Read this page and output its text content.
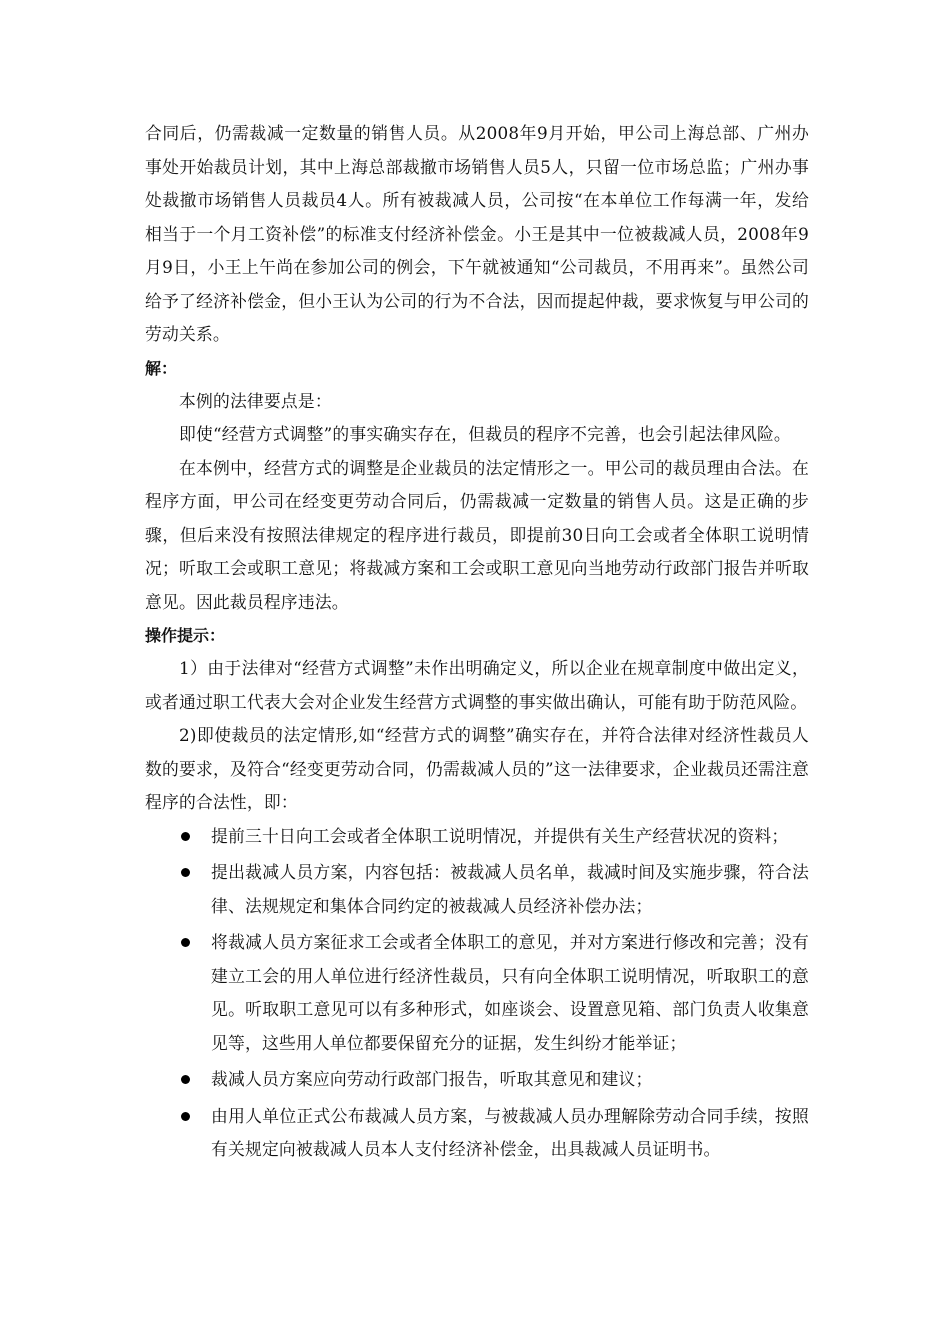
合同后，仍需裁减一定数量的销售人员。从2008年9月开始，甲公司上海总部、广州办事处开始裁员计划，其中上海总部裁撤市场销售人员5人，只留一位市场总监；广州办事处裁撤市场销售人员裁员4人。所有被裁减人员，公司按“在本单位工作每满一年，发给相当于一个月工资补偿”的标准支付经济补偿金。小王是其中一位被裁减人员，2008年9月9日，小王上午尚在参加公司的例会，下午就被通知“公司裁员，不用再来”。虽然公司给予了经济补偿金，但小王认为公司的行为不合法，因而提起仲裁，要求恢复与甲公司的劳动关系。

解：

本例的法律要点是：

即使“经营方式调整”的事实确实存在，但裁员的程序不完善，也会引起法律风险。

在本例中，经营方式的调整是企业裁员的法定情形之一。甲公司的裁员理由合法。在程序方面，甲公司在经变更劳动合同后，仍需裁减一定数量的销售人员。这是正确的步骤，但后来没有按照法律规定的程序进行裁员，即提前30日向工会或者全体职工说明情况；听取工会或职工意见；将裁减方案和工会或职工意见向当地劳动行政部门报告并听取意见。因此裁员程序违法。

操作提示：

1）由于法律对“经营方式调整”未作出明确定义，所以企业在规章制度中做出定义，或者通过职工代表大会对企业发生经营方式调整的事实做出确认，可能有助于防范风险。

2)即使裁员的法定情形,如“经营方式的调整”确实存在，并符合法律对经济性裁员人数的要求，及符合“经变更劳动合同，仍需裁减人员的”这一法律要求，企业裁员还需注意程序的合法性，即：

提前三十日向工会或者全体职工说明情况，并提供有关生产经营状况的资料；
提出裁减人员方案，内容包括：被裁减人员名单，裁减时间及实施步骤，符合法律、法规规定和集体合同约定的被裁减人员经济补偿办法；
将裁减人员方案征求工会或者全体职工的意见，并对方案进行修改和完善；没有建立工会的用人单位进行经济性裁员，只有向全体职工说明情况，听取职工的意见。听取职工意见可以有多种形式，如座谈会、设置意见箱、部门负责人收集意见等，这些用人单位都要保留充分的证据，发生纠纷才能举证；
裁减人员方案应向劳动行政部门报告，听取其意见和建议；
由用人单位正式公布裁减人员方案，与被裁减人员办理解除劳动合同手续，按照有关规定向被裁减人员本人支付经济补偿金，出具裁减人员证明书。
